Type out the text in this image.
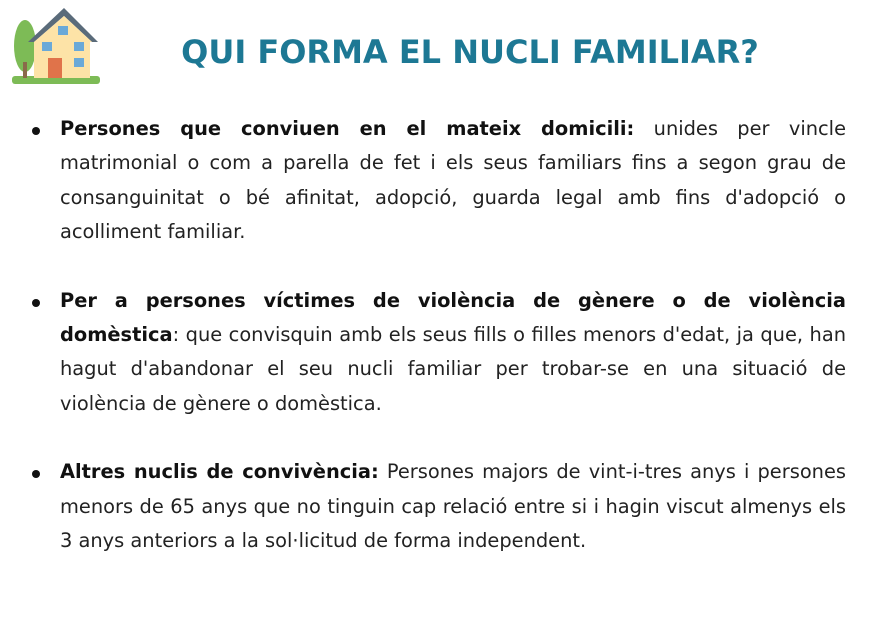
QUI FORMA EL NUCLI FAMILIAR?
Persones que conviuen en el mateix domicili: unides per vincle matrimonial o com a parella de fet i els seus familiars fins a segon grau de consanguinitat o bé afinitat, adopció, guarda legal amb fins d'adopció o acolliment familiar.
Per a persones víctimes de violència de gènere o de violència domèstica: que convisquin amb els seus fills o filles menors d'edat, ja que, han hagut d'abandonar el seu nucli familiar per trobar-se en una situació de violència de gènere o domèstica.
Altres nuclis de convivència: Persones majors de vint-i-tres anys i persones menors de 65 anys que no tinguin cap relació entre si i hagin viscut almenys els 3 anys anteriors a la sol·licitud de forma independent.
